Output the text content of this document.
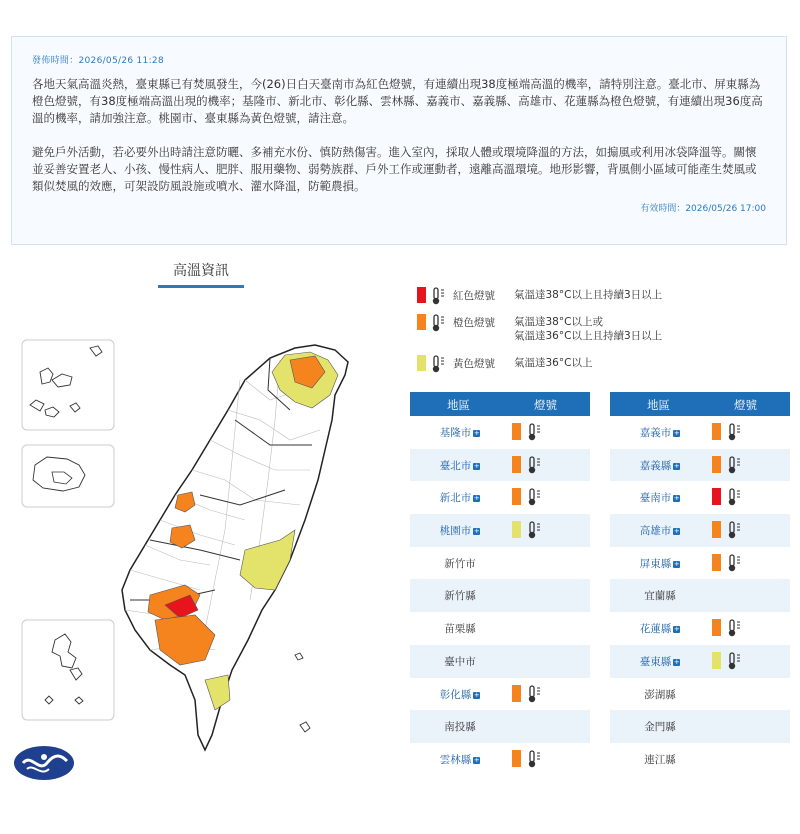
發佈時間：2026/05/26 11:28

各地天氣高溫炎熱，臺東縣已有焚風發生，今(26)日白天臺南市為紅色燈號，有連續出現38度極端高溫的機率，請特別注意。臺北市、屏東縣為橙色燈號，有38度極端高溫出現的機率；基隆市、新北市、彰化縣、雲林縣、嘉義市、嘉義縣、高雄市、花蓮縣為橙色燈號，有連續出現36度高溫的機率，請加強注意。桃園市、臺東縣為黃色燈號，請注意。

避免戶外活動，若必要外出時請注意防曬、多補充水份、慎防熱傷害。進入室內，採取人體或環境降溫的方法，如搧風或利用冰袋降溫等。關懷並妥善安置老人、小孩、慢性病人、肥胖、服用藥物、弱勢族群、戶外工作或運動者，遠離高溫環境。地形影響，背風側小區域可能產生焚風或類似焚風的效應，可架設防風設施或噴水、灌水降溫，防範農損。

有效時間：2026/05/26 17:00
高溫資訊
紅色燈號 氣溫達38°C以上且持續3日以上
橙色燈號 氣溫達38°C以上或
氣溫達36°C以上且持續3日以上
黃色燈號 氣溫達36°C以上
地區	燈號
基隆市 +
臺北市 +
新北市 +
桃園市 +
新竹市
新竹縣
苗栗縣
臺中市
彰化縣 +
南投縣
雲林縣 +
地區	燈號
嘉義市 +
嘉義縣 +
臺南市 +
高雄市 +
屏東縣 +
宜蘭縣
花蓮縣 +
臺東縣 +
澎湖縣
金門縣
連江縣
